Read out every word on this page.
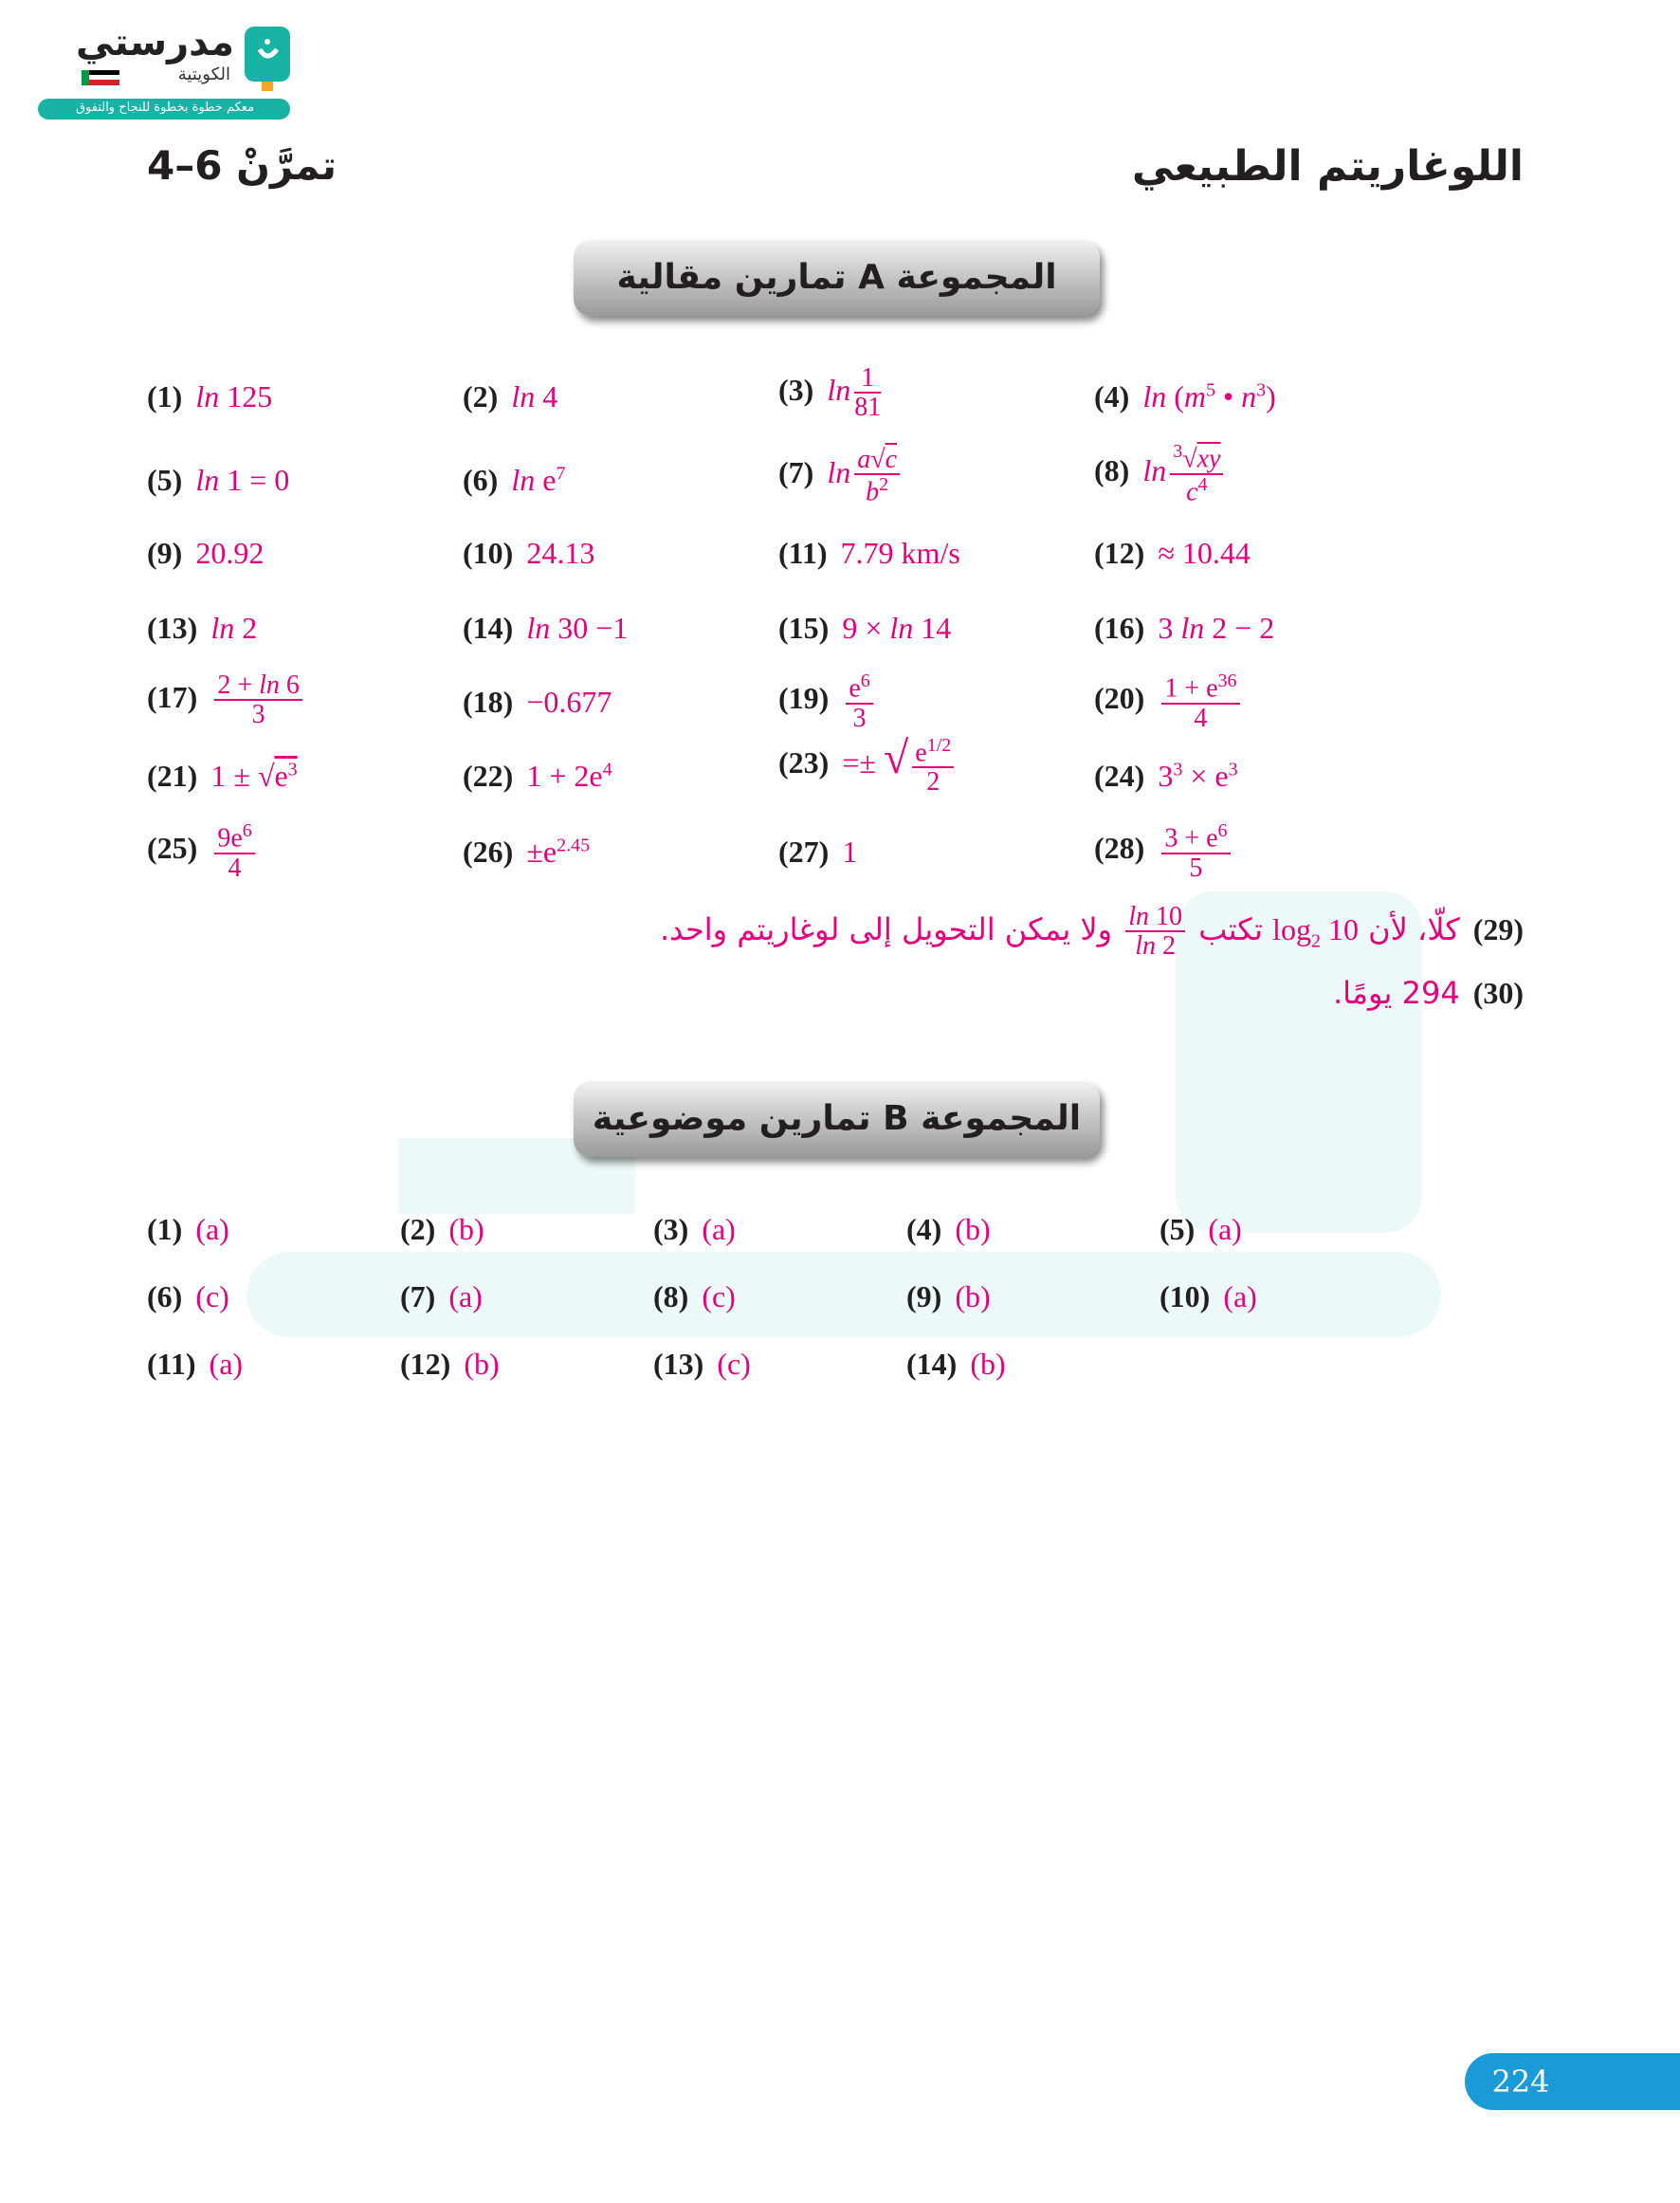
مدرستي
الكويتية
معكم خطوة بخطوة للنجاح والتفوق
اللوغاريتم الطبيعي
تمرَّنْ 6–4
المجموعة A تمارين مقالية
(1) ln 125	(2) ln 4	(3) $\ln \frac{1}{81}$	(4) $\ln (m^5$ • $n^3$)
(5) ln 1 = 0	(6) $\ln e^7$	(7) $\ln \frac{a√c}{b^2}$	(8) $\ln \frac{^3√xy}{c^4}$
(9) 20.92	(10) 24.13	(11) 7.79 km/s	(12) ≈ 10.44
(13) ln 2	(14) ln 30 −1	(15) 9 × ln 14	(16) 3 ln 2 − 2
$(17) \frac{2 + \ln 6}{3}$	(18) −0.677	$(19) \frac{e^6}{3}$	$(20) \frac{1 + e^{36}}{4}$
(21) $1 \pm √e^3$	(22) $1 + 2e^4$	(23) =± √ $\frac{e^{1/2}}{2}$	(24) $3^3 \times e^3$
$(25) \frac{9e^6}{4}$	$(26) \pm e^{2.45}$	(27) 1	$(28) \frac{3 + e^6}{5}$
(29)كلّا، لأن $\log_2 10$ تكتب
$\frac{\ln 10}{\ln 2}$
ولا يمكن التحويل إلى لوغاريتم واحد.
(30)294 يومًا.
المجموعة B تمارين موضوعية
(1) (a)	(2) (b)	(3) (a)	(4) (b)	(5) (a)
(6) (c)	(7) (a)	(8) (c)	(9) (b)	(10) (a)
(11) (a)	(12) (b)	(13) (c)	(14) (b)
224
